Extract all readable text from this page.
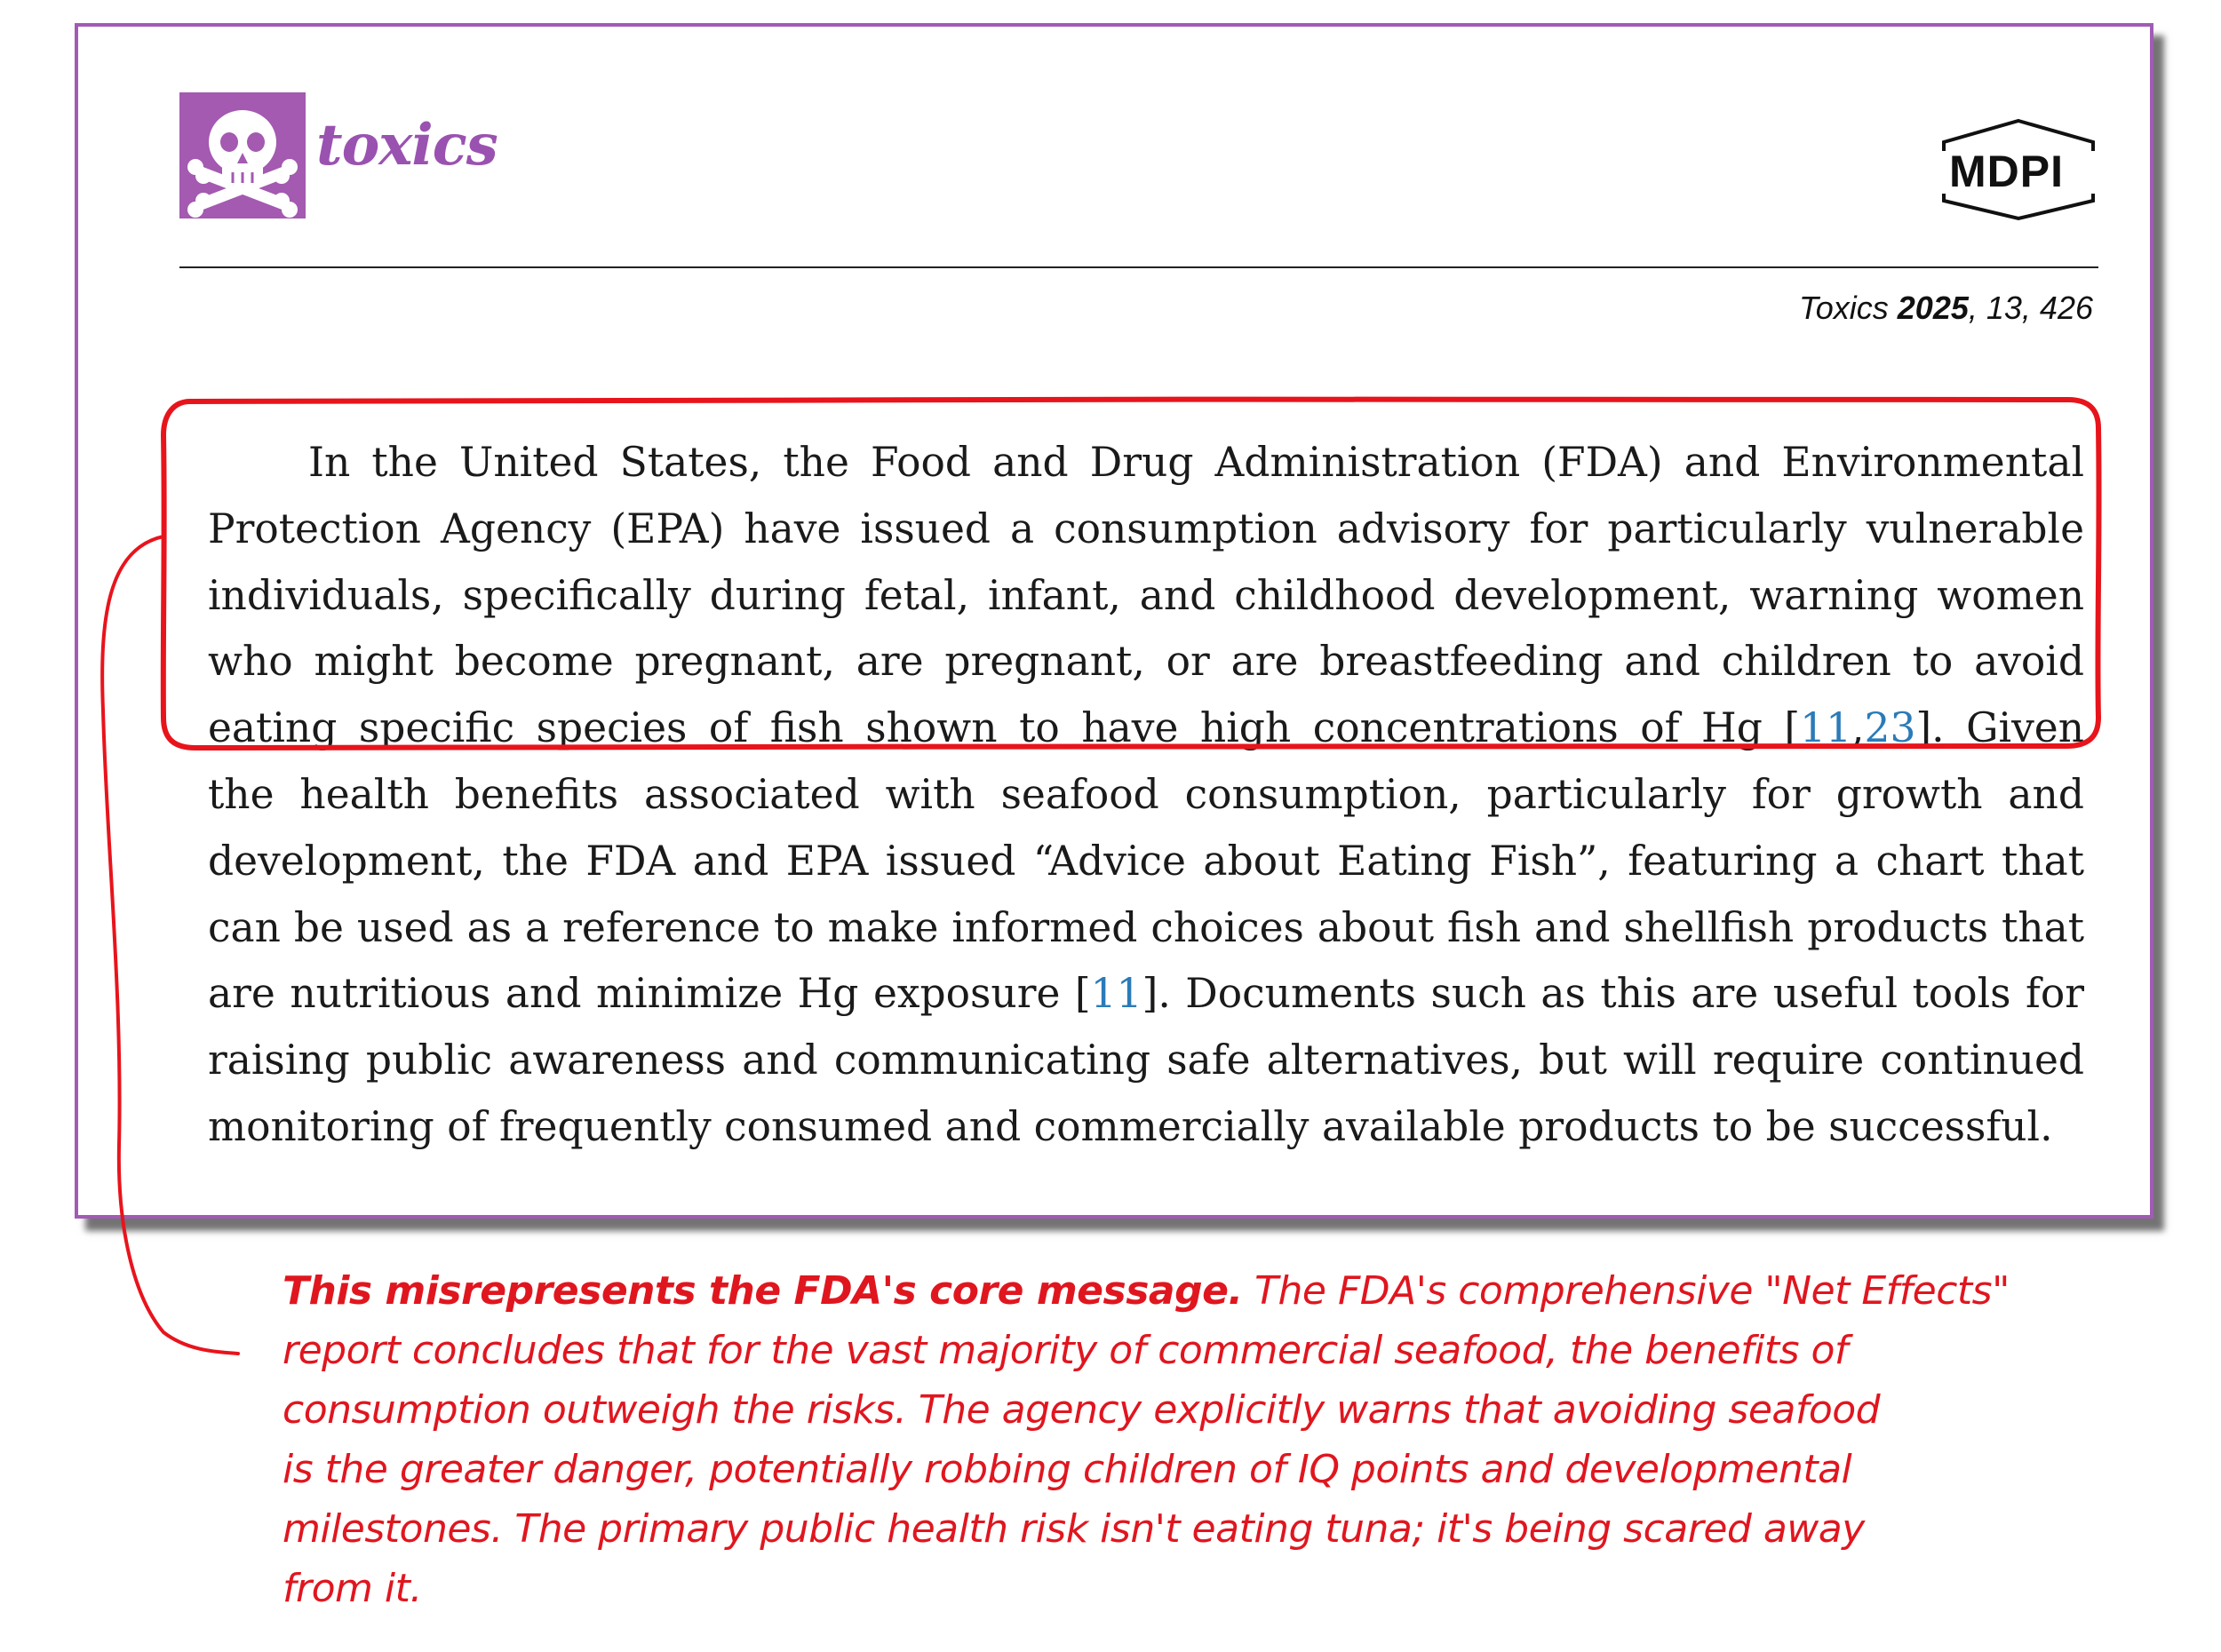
toxics	MDPI
Toxics 2025, 13, 426

In the United States, the Food and Drug Administration (FDA) and Environmental
Protection Agency (EPA) have issued a consumption advisory for particularly vulnerable
individuals, specifically during fetal, infant, and childhood development, warning women
who might become pregnant, are pregnant, or are breastfeeding and children to avoid
eating specific species of fish shown to have high concentrations of Hg [11,23]. Given
the health benefits associated with seafood consumption, particularly for growth and
development, the FDA and EPA issued “Advice about Eating Fish”, featuring a chart that
can be used as a reference to make informed choices about fish and shellfish products that
are nutritious and minimize Hg exposure [11]. Documents such as this are useful tools for
raising public awareness and communicating safe alternatives, but will require continued
monitoring of frequently consumed and commercially available products to be successful.

This misrepresents the FDA's core message. The FDA's comprehensive "Net Effects"
report concludes that for the vast majority of commercial seafood, the benefits of
consumption outweigh the risks. The agency explicitly warns that avoiding seafood
is the greater danger, potentially robbing children of IQ points and developmental
milestones. The primary public health risk isn't eating tuna; it's being scared away
from it.
